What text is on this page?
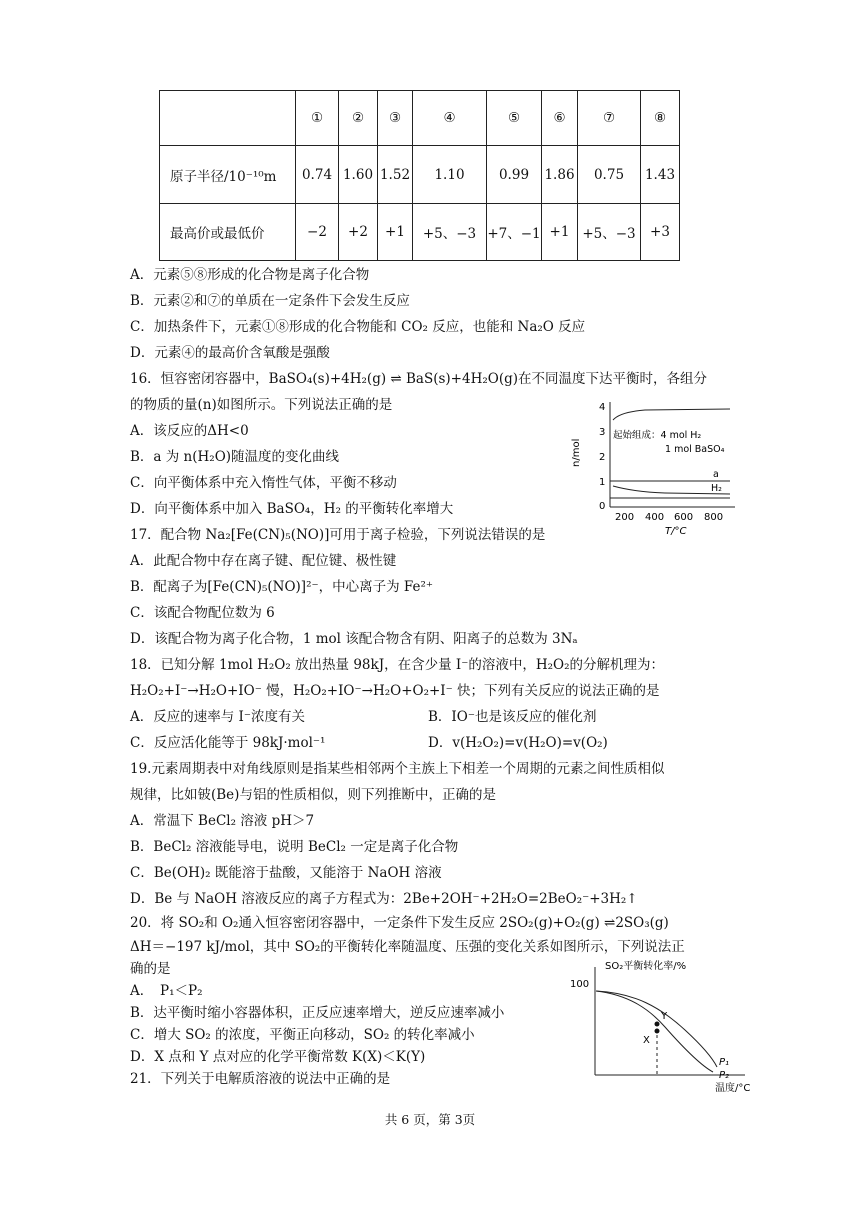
	①	②	③	④	⑤	⑥	⑦	⑧
原子半径/10⁻¹⁰m	0.74	1.60	1.52	1.10	0.99	1.86	0.75	1.43
最高价或最低价	−2	+2	+1	+5、−3	+7、−1	+1	+5、−3	+3
A．元素⑤⑧形成的化合物是离子化合物
B．元素②和⑦的单质在一定条件下会发生反应
C．加热条件下，元素①⑧形成的化合物能和 CO₂ 反应，也能和 Na₂O 反应
D．元素④的最高价含氧酸是强酸
16．恒容密闭容器中，BaSO₄(s)+4H₂(g) ⇌ BaS(s)+4H₂O(g)在不同温度下达平衡时，各组分
的物质的量(n)如图所示。下列说法正确的是
A．该反应的ΔH<0
B．a 为 n(H₂O)随温度的变化曲线
C．向平衡体系中充入惰性气体，平衡不移动
D．向平衡体系中加入 BaSO₄，H₂ 的平衡转化率增大
4
3
2
1
0
n/mol
200 400 600 800
T/°C
起始组成：4 mol H₂
1 mol BaSO₄
a
H₂
17．配合物 Na₂[Fe(CN)₅(NO)]可用于离子检验，下列说法错误的是
A．此配合物中存在离子键、配位键、极性键
B．配离子为[Fe(CN)₅(NO)]²⁻，中心离子为 Fe²⁺
C．该配合物配位数为 6
D．该配合物为离子化合物，1 mol 该配合物含有阴、阳离子的总数为 3Nₐ
18．已知分解 1mol H₂O₂ 放出热量 98kJ，在含少量 I⁻的溶液中，H₂O₂的分解机理为：
H₂O₂+I⁻→H₂O+IO⁻ 慢，H₂O₂+IO⁻→H₂O+O₂+I⁻ 快；下列有关反应的说法正确的是
A．反应的速率与 I⁻浓度有关	B．IO⁻也是该反应的催化剂
C．反应活化能等于 98kJ·mol⁻¹	D．v(H₂O₂)=v(H₂O)=v(O₂)
19.元素周期表中对角线原则是指某些相邻两个主族上下相差一个周期的元素之间性质相似
规律，比如铍(Be)与铝的性质相似，则下列推断中，正确的是
A．常温下 BeCl₂ 溶液 pH＞7
B．BeCl₂ 溶液能导电，说明 BeCl₂ 一定是离子化合物
C．Be(OH)₂ 既能溶于盐酸，又能溶于 NaOH 溶液
D．Be 与 NaOH 溶液反应的离子方程式为：2Be+2OH⁻+2H₂O=2BeO₂⁻+3H₂↑
20．将 SO₂和 O₂通入恒容密闭容器中，一定条件下发生反应 2SO₂(g)+O₂(g) ⇌2SO₃(g)
ΔH＝−197 kJ/mol，其中 SO₂的平衡转化率随温度、压强的变化关系如图所示，下列说法正
确的是
A．　P₁＜P₂
B．达平衡时缩小容器体积，正反应速率增大，逆反应速率减小
C．增大 SO₂ 的浓度，平衡正向移动，SO₂ 的转化率减小
D．X 点和 Y 点对应的化学平衡常数 K(X)＜K(Y)
SO₂平衡转化率/%
100
Y
X
P₁
P₂
温度/°C
21．下列关于电解质溶液的说法中正确的是
共 6 页，第 3页
